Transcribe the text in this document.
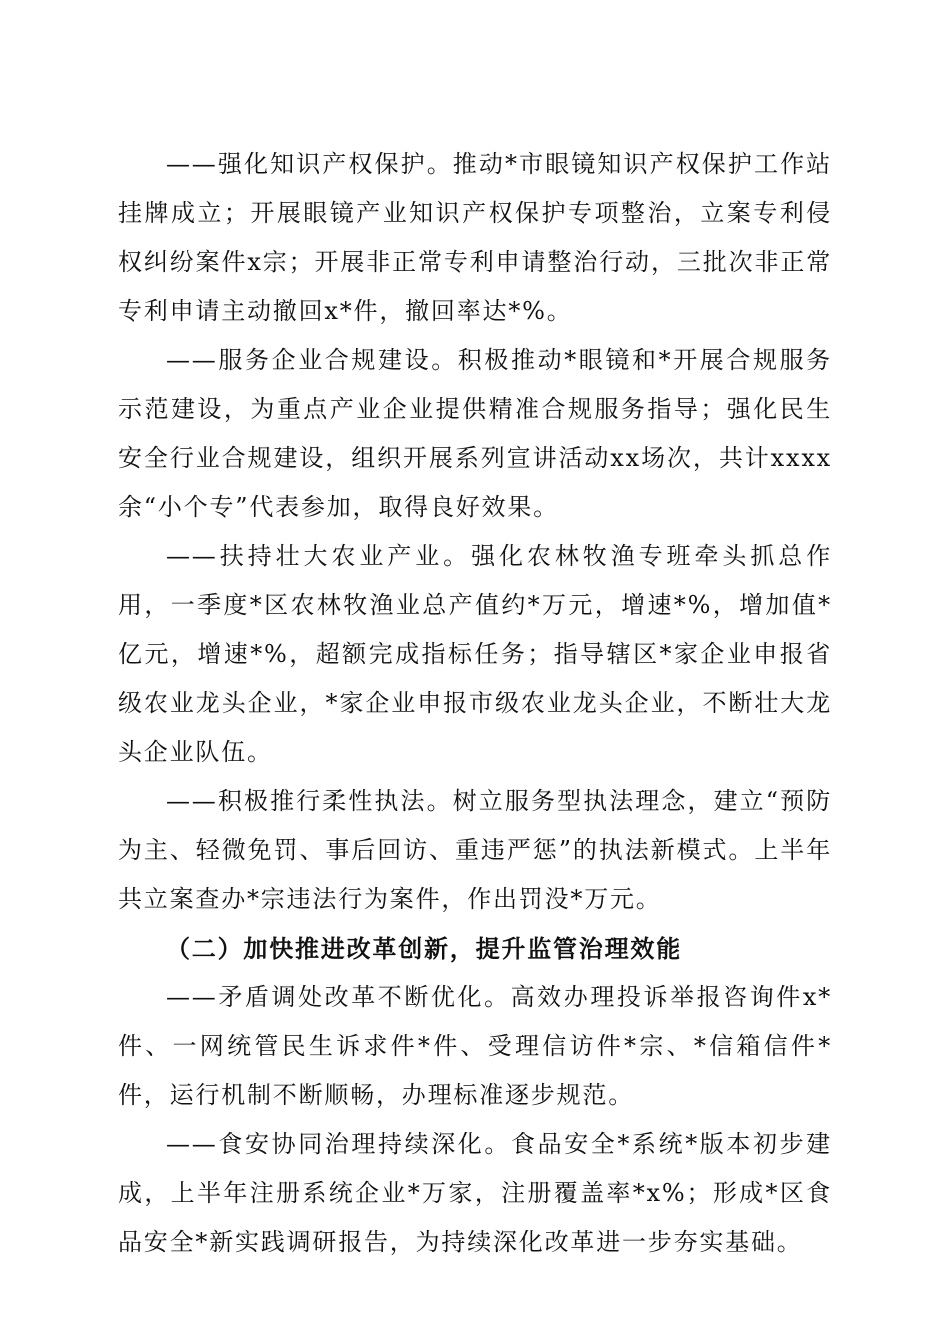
——强化知识产权保护。推动*市眼镜知识产权保护工作站挂牌成立；开展眼镜产业知识产权保护专项整治，立案专利侵权纠纷案件x宗；开展非正常专利申请整治行动，三批次非正常专利申请主动撤回x*件，撤回率达*%。

——服务企业合规建设。积极推动*眼镜和*开展合规服务示范建设，为重点产业企业提供精准合规服务指导；强化民生安全行业合规建设，组织开展系列宣讲活动xx场次，共计xxxx余“小个专”代表参加，取得良好效果。

——扶持壮大农业产业。强化农林牧渔专班牵头抓总作用，一季度*区农林牧渔业总产值约*万元，增速*%，增加值*亿元，增速*%，超额完成指标任务；指导辖区*家企业申报省级农业龙头企业，*家企业申报市级农业龙头企业，不断壮大龙头企业队伍。

——积极推行柔性执法。树立服务型执法理念，建立“预防为主、轻微免罚、事后回访、重违严惩”的执法新模式。上半年共立案查办*宗违法行为案件，作出罚没*万元。

（二）加快推进改革创新，提升监管治理效能

——矛盾调处改革不断优化。高效办理投诉举报咨询件x*件、一网统管民生诉求件*件、受理信访件*宗、*信箱信件*件，运行机制不断顺畅，办理标准逐步规范。

——食安协同治理持续深化。食品安全*系统*版本初步建成，上半年注册系统企业*万家，注册覆盖率*x%；形成*区食品安全*新实践调研报告，为持续深化改革进一步夯实基础。
